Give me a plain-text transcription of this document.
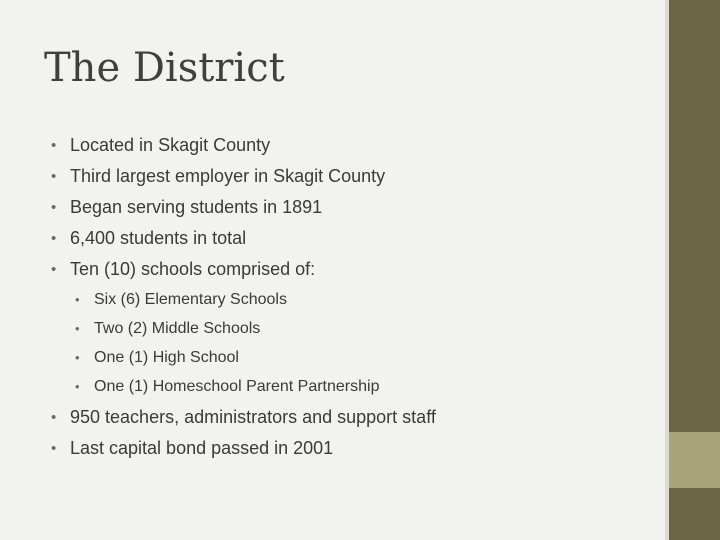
The District
• Located in Skagit County
• Third largest employer in Skagit County
• Began serving students in 1891
• 6,400 students in total
• Ten (10) schools comprised of:
• Six (6) Elementary Schools
• Two (2) Middle Schools
• One (1) High School
• One (1) Homeschool Parent Partnership
• 950 teachers, administrators and support staff
• Last capital bond passed in 2001
